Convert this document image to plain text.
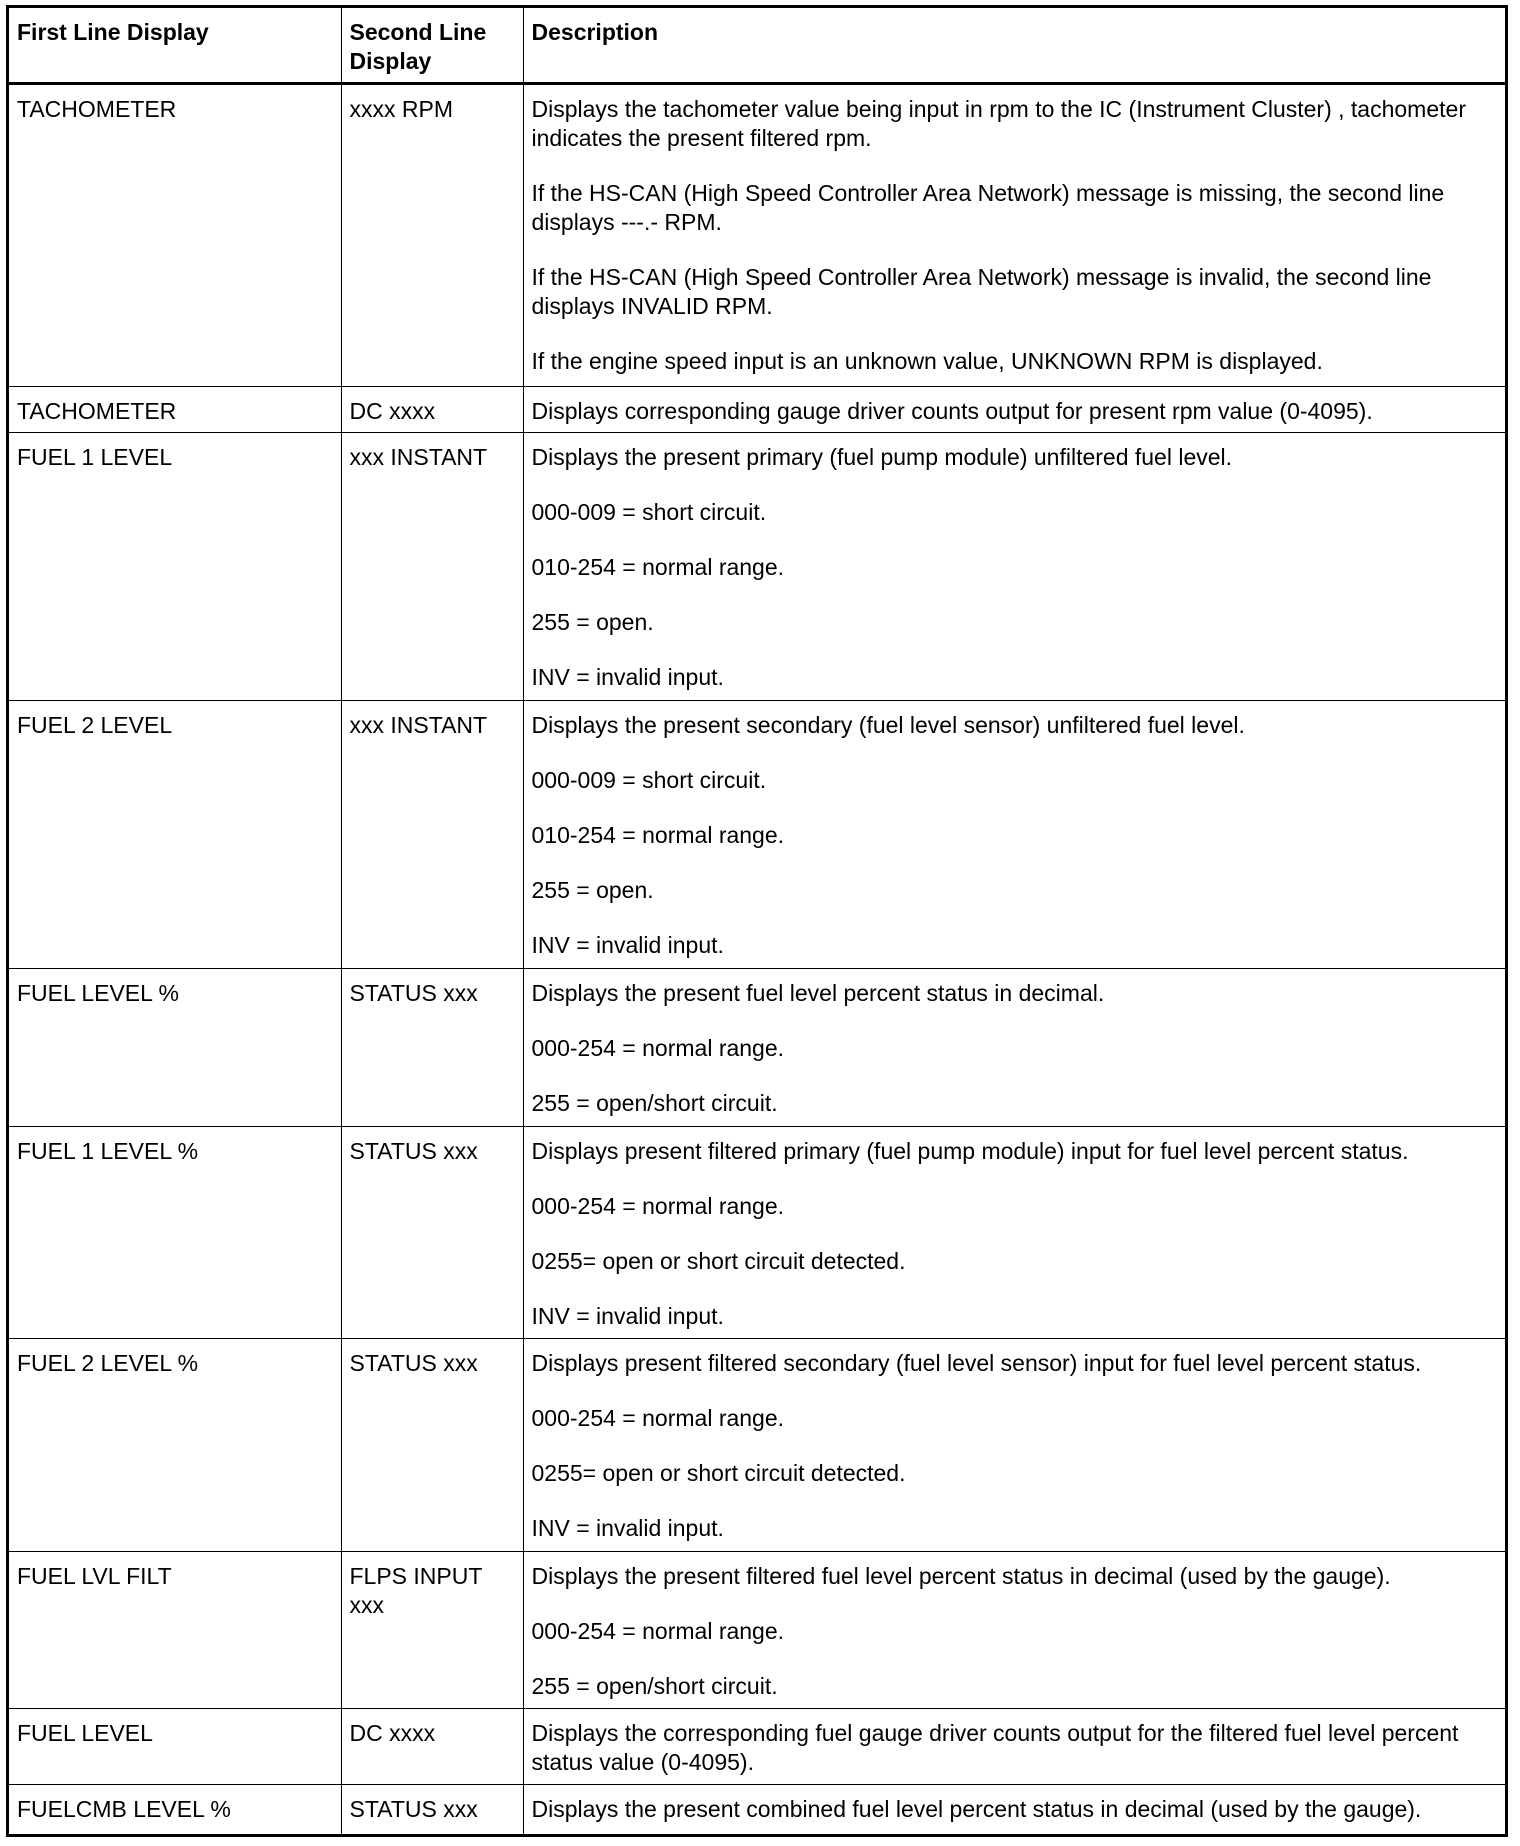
First Line Display	Second Line Display	Description
TACHOMETER	xxxx RPM	Displays the tachometer value being input in rpm to the IC (Instrument Cluster) , tachometer indicates the present filtered rpm.

If the HS-CAN (High Speed Controller Area Network) message is missing, the second line displays ---.- RPM.

If the HS-CAN (High Speed Controller Area Network) message is invalid, the second line displays INVALID RPM.

If the engine speed input is an unknown value, UNKNOWN RPM is displayed.

TACHOMETER	DC xxxx	Displays corresponding gauge driver counts output for present rpm value (0-4095).

FUEL 1 LEVEL	xxx INSTANT	Displays the present primary (fuel pump module) unfiltered fuel level.

000-009 = short circuit.

010-254 = normal range.

255 = open.

INV = invalid input.

FUEL 2 LEVEL	xxx INSTANT	Displays the present secondary (fuel level sensor) unfiltered fuel level.

000-009 = short circuit.

010-254 = normal range.

255 = open.

INV = invalid input.

FUEL LEVEL %	STATUS xxx	Displays the present fuel level percent status in decimal.

000-254 = normal range.

255 = open/short circuit.

FUEL 1 LEVEL %	STATUS xxx	Displays present filtered primary (fuel pump module) input for fuel level percent status.

000-254 = normal range.

0255= open or short circuit detected.

INV = invalid input.

FUEL 2 LEVEL %	STATUS xxx	Displays present filtered secondary (fuel level sensor) input for fuel level percent status.

000-254 = normal range.

0255= open or short circuit detected.

INV = invalid input.

FUEL LVL FILT	FLPS INPUT xxx	Displays the present filtered fuel level percent status in decimal (used by the gauge).

000-254 = normal range.

255 = open/short circuit.

FUEL LEVEL	DC xxxx	Displays the corresponding fuel gauge driver counts output for the filtered fuel level percent status value (0-4095).

FUELCMB LEVEL %	STATUS xxx	Displays the present combined fuel level percent status in decimal (used by the gauge).
